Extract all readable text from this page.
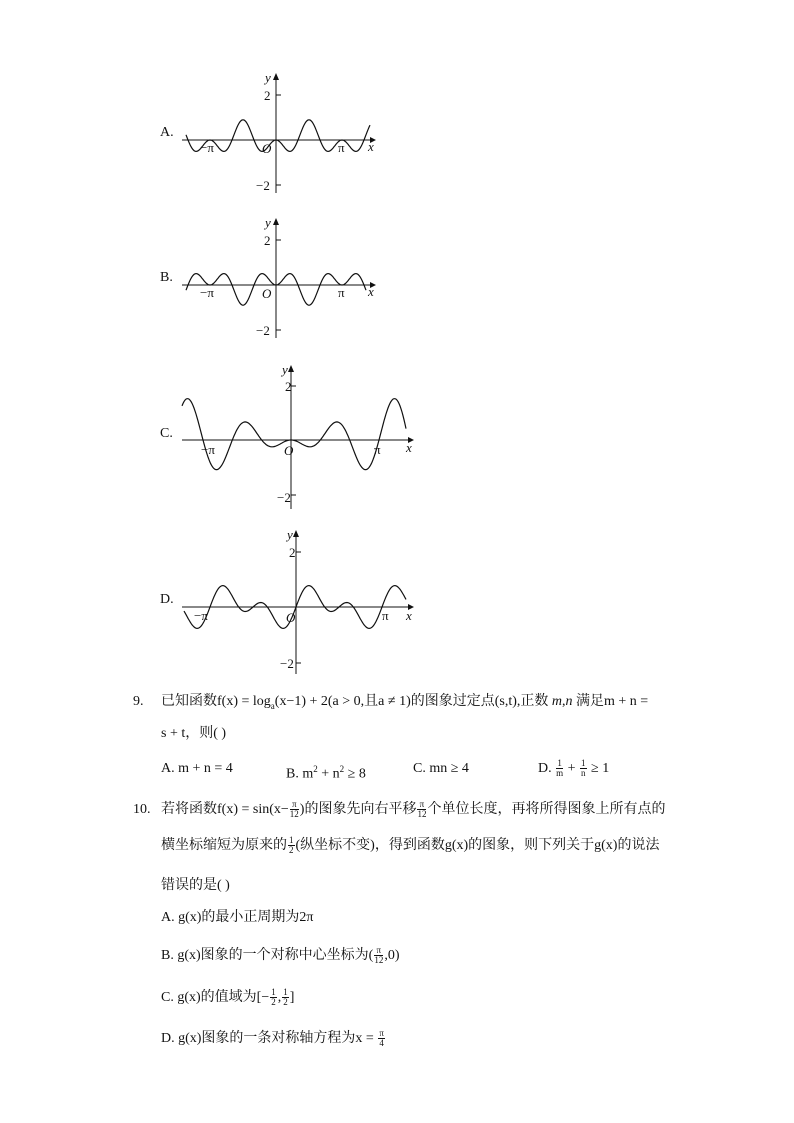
A.
B.
C.
D.
y
x
O
2
−2
−π	π
y
x
O
2
−2
−π	π
y
x
O
2
−2
−π	π
y
x
O
2
−2
−π	π
9. 已知函数$f(x) = \log_a(x-1) + 2(a > 0$,且a ≠ 1)的图象过定点(s,t),正数 m,n 满足m + n =
s + t，则( )
A. m + n = 4	B. $m^2 + n^2 \ge 8$	C. mn ≥ 4	D. $\frac{1}{m} + \frac{1}{n} \ge 1$
10. 若将函数$f(x) = \sin(x- \frac{\pi}{12}$ )的图象先向右平移 $\frac{\pi}{12}$ 个单位长度，再将所得图象上所有点的
横坐标缩短为原来的 $\frac{1}{2}$ (纵坐标不变)，得到函数g(x)的图象，则下列关于g(x)的说法
错误的是( )
A. g(x)的最小正周期为2π
B. g(x)图象的一个对称中心坐标为( $\frac{\pi}{12} ,0$)
C. g(x)的值域为[− $\frac{1}{2}$ , $\frac{1}{2}$ ]
D. g(x)图象的一条对称轴方程为$x = \frac{\pi}{4}$
